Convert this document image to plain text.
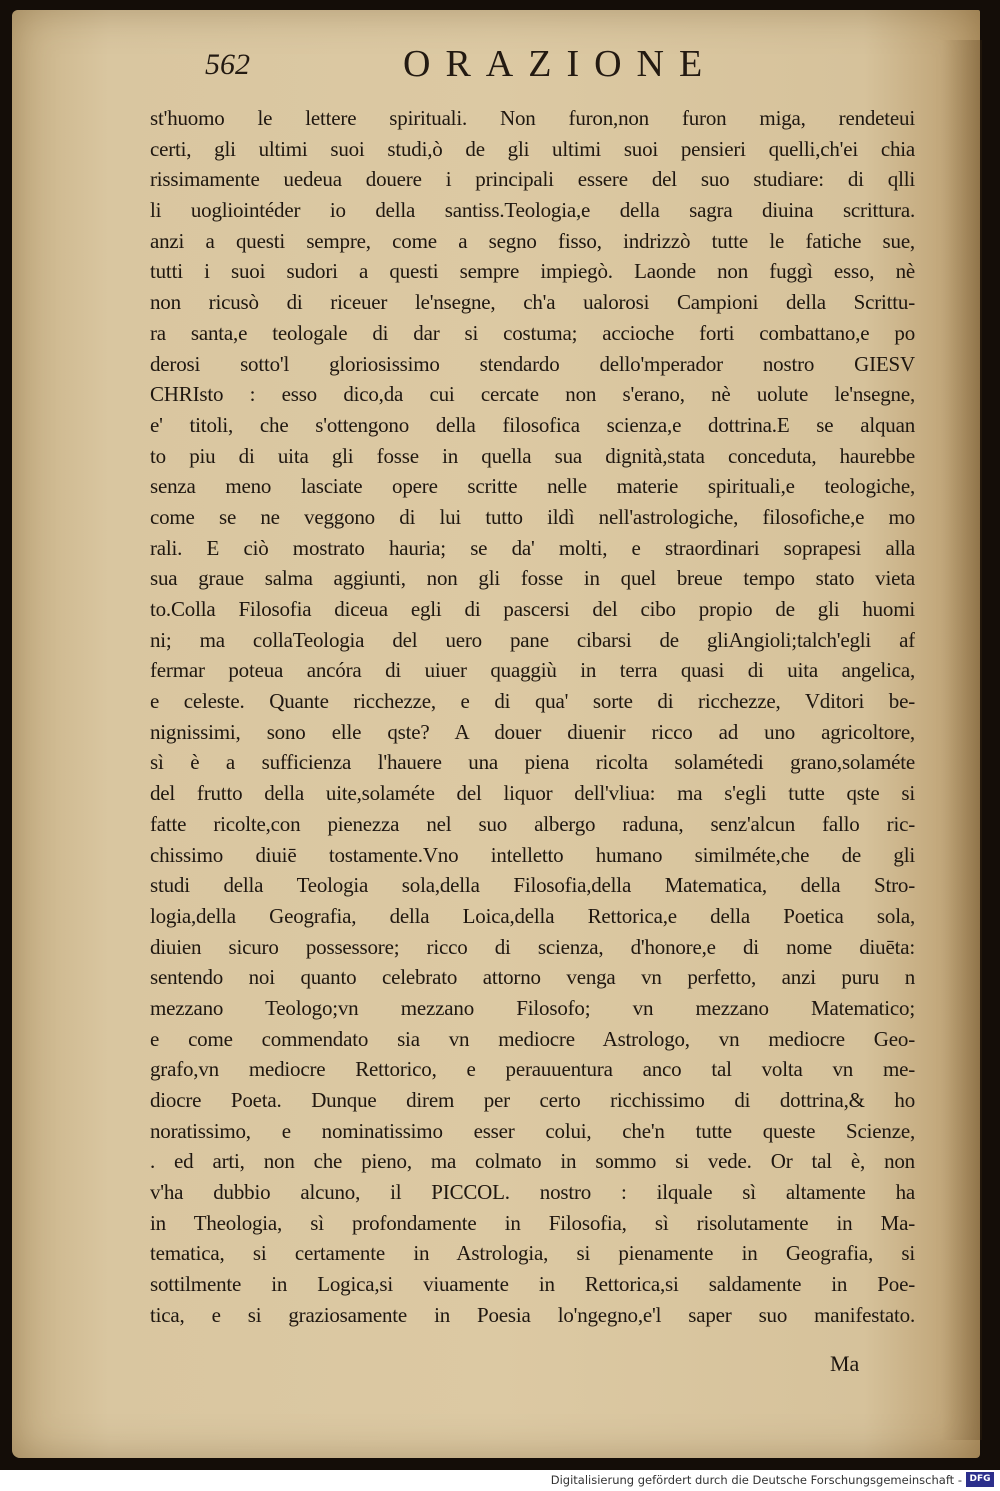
562	ORAZIONE
st'huomo le lettere spirituali. Non furon,non furon miga, rendeteui
certi, gli ultimi suoi studi,ò de gli ultimi suoi pensieri quelli,ch'ei chia
rissimamente uedeua douere i principali essere del suo studiare: di qlli
li uogliointéder io della santiss.Teologia,e della sagra diuina scrittura.
anzi a questi sempre, come a segno fisso, indrizzò tutte le fatiche sue,
tutti i suoi sudori a questi sempre impiegò. Laonde non fuggì esso, nè
non ricusò di riceuer le'nsegne, ch'a ualorosi Campioni della Scrittu-
ra santa,e teologale di dar si costuma; accioche forti combattano,e po
derosi sotto'l gloriosissimo stendardo dello'mperador nostro GIESV
CHRIsto : esso dico,da cui cercate non s'erano, nè uolute le'nsegne,
e' titoli, che s'ottengono della filosofica scienza,e dottrina.E se alquan
to piu di uita gli fosse in quella sua dignità,stata conceduta, haurebbe
senza meno lasciate opere scritte nelle materie spirituali,e teologiche,
come se ne veggono di lui tutto ildì nell'astrologiche, filosofiche,e mo
rali. E ciò mostrato hauria; se da' molti, e straordinari soprapesi alla
sua graue salma aggiunti, non gli fosse in quel breue tempo stato vieta
to.Colla Filosofia diceua egli di pascersi del cibo propio de gli huomi
ni; ma collaTeologia del uero pane cibarsi de gliAngioli;talch'egli af
fermar poteua ancóra di uiuer quaggiù in terra quasi di uita angelica,
e celeste. Quante ricchezze, e di qua' sorte di ricchezze, Vditori be-
nignissimi, sono elle qste? A douer diuenir ricco ad uno agricoltore,
sì è a sufficienza l'hauere una piena ricolta solamétedi grano,solaméte
del frutto della uite,solaméte del liquor dell'vliua: ma s'egli tutte qste si
fatte ricolte,con pienezza nel suo albergo raduna, senz'alcun fallo ric-
chissimo diuiē tostamente.Vno intelletto humano similméte,che de gli
studi della Teologia sola,della Filosofia,della Matematica, della Stro-
logia,della Geografia, della Loica,della Rettorica,e della Poetica sola,
diuien sicuro possessore; ricco di scienza, d'honore,e di nome diuēta:
sentendo noi quanto celebrato attorno venga vn perfetto, anzi puru n
mezzano Teologo;vn mezzano Filosofo; vn mezzano Matematico;
e come commendato sia vn mediocre Astrologo, vn mediocre Geo-
grafo,vn mediocre Rettorico, e perauuentura anco tal volta vn me-
diocre Poeta. Dunque direm per certo ricchissimo di dottrina,& ho
noratissimo, e nominatissimo esser colui, che'n tutte queste Scienze,
. ed arti, non che pieno, ma colmato in sommo si vede. Or tal è, non
v'ha dubbio alcuno, il PICCOL. nostro : ilquale sì altamente ha
in Theologia, sì profondamente in Filosofia, sì risolutamente in Ma-
tematica, si certamente in Astrologia, si pienamente in Geografia, si
sottilmente in Logica,si viuamente in Rettorica,si saldamente in Poe-
tica, e si graziosamente in Poesia lo'ngegno,e'l saper suo manifestato.
Ma
Digitalisierung gefördert durch die Deutsche Forschungsgemeinschaft - DFG
